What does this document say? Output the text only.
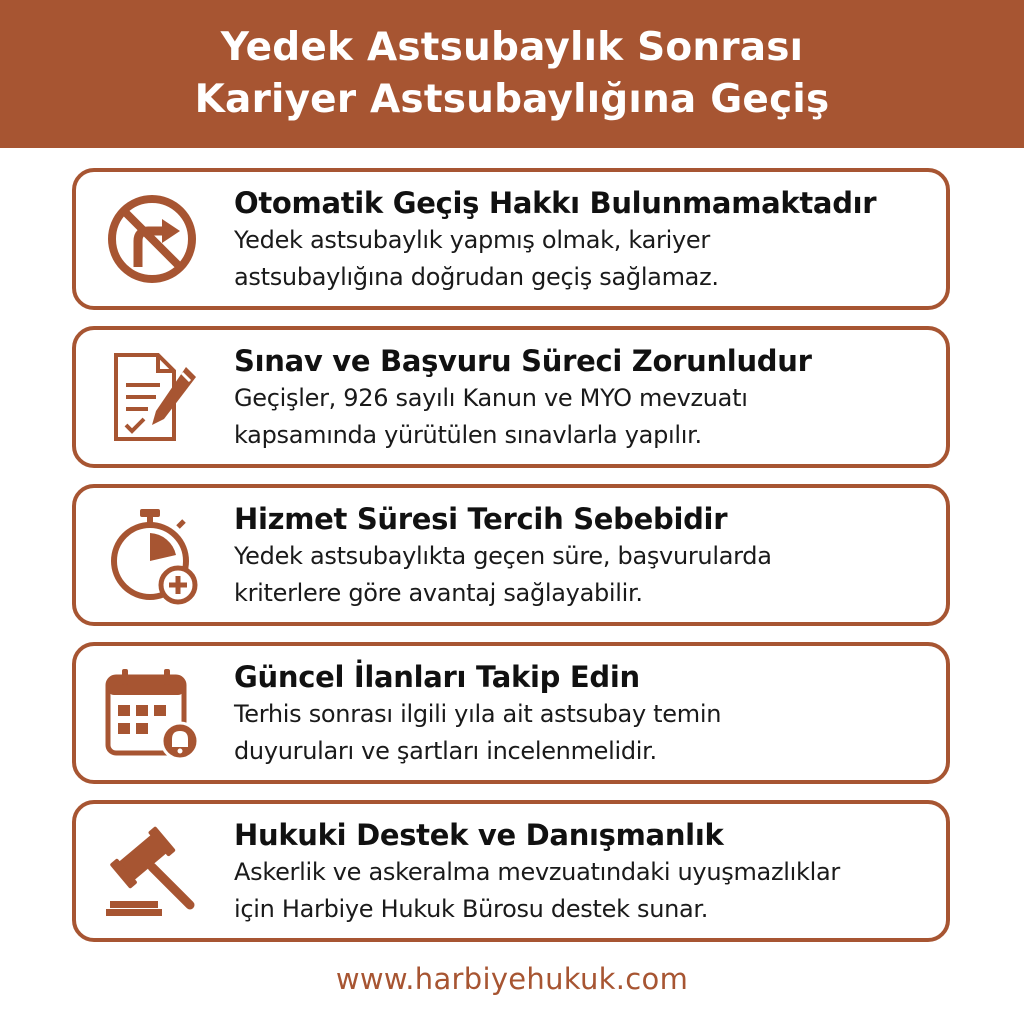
Yedek Astsubaylık Sonrası
Kariyer Astsubaylığına Geçiş
Otomatik Geçiş Hakkı Bulunmamaktadır
Yedek astsubaylık yapmış olmak, kariyer
astsubaylığına doğrudan geçiş sağlamaz.
Sınav ve Başvuru Süreci Zorunludur
Geçişler, 926 sayılı Kanun ve MYO mevzuatı
kapsamında yürütülen sınavlarla yapılır.
Hizmet Süresi Tercih Sebebidir
Yedek astsubaylıkta geçen süre, başvurularda
kriterlere göre avantaj sağlayabilir.
Güncel İlanları Takip Edin
Terhis sonrası ilgili yıla ait astsubay temin
duyuruları ve şartları incelenmelidir.
Hukuki Destek ve Danışmanlık
Askerlik ve askeralma mevzuatındaki uyuşmazlıklar
için Harbiye Hukuk Bürosu destek sunar.
www.harbiyehukuk.com
